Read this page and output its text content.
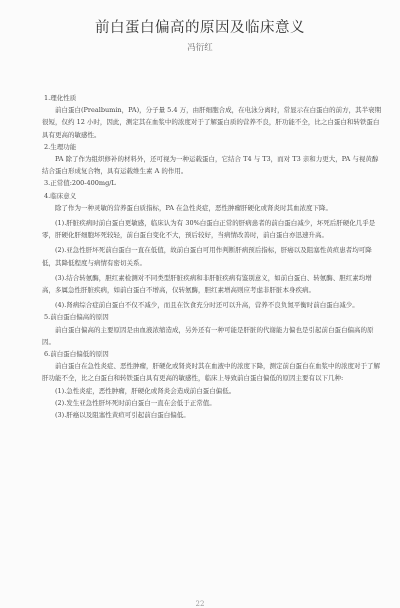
前白蛋白偏高的原因及临床意义
冯衍红

1.理化性质

前白蛋白(Prealbumin，PA)，分子量 5.4 万，由肝细胞合成，在电泳分离时，常显示在白蛋白的前方，其半衰期很短，仅约 12 小时，因此，测定其在血浆中的浓度对于了解蛋白质的营养不良，肝功能不全，比之白蛋白和转铁蛋白具有更高的敏感性。

2.生理功能

PA 除了作为组织修补的材料外，还可视为一种运载蛋白，它结合 T4 与 T3，而对 T3 亲和力更大，PA 与视黄醇结合蛋白形成复合物，具有运载维生素 A 的作用。

3.正常值:200-400mg/L

4.临床意义

除了作为一种灵敏的营养蛋白质指标，PA 在急性炎症，恶性肿瘤肝硬化或肾炎时其血浓度下降。

(1).肝脏疾病时前白蛋白更敏感，临床认为有 30%白蛋白正常的肝病患者的前白蛋白减少，坏死后肝硬化几乎是零，肝硬化肝细胞坏死较轻，前白蛋白变化不大，预后较好，当病情改善时，前白蛋白亦迅速升高。

(2).亚急性肝坏死前白蛋白一直在低值，故前白蛋白可用作判断肝病预后指标，肝癌以及阻塞性黄疸患者均可降低，其降低程度与病情有密切关系。

(3).结合转氨酶，胆红素检测对不同类型肝脏疾病和非肝脏疾病有鉴别意义，如前白蛋白、转氨酶、胆红素均增高，多属急性肝脏疾病，如前白蛋白不增高，仅转氨酶，胆红素增高则应考虑非肝脏本身疾病。

(4).肾病综合症前白蛋白不仅不减少，而且在饮食充分时还可以升高，营养不良负氮平衡时前白蛋白减少。

5.前白蛋白偏高的原因

前白蛋白偏高的主要原因是由血液浓缩造成，另外还有一种可能是肝脏的代谢能力偏也是引起前白蛋白偏高的原因。

6.前白蛋白偏低的原因

前白蛋白在急性炎症、恶性肿瘤，肝硬化或肾炎时其在血液中的浓度下降，测定前白蛋白在血浆中的浓度对于了解肝功能不全，比之白蛋白和转铁蛋白具有更高的敏感性，临床上导致前白蛋白偏低的原因主要有以下几种:

(1).急性炎症，恶性肿瘤，肝硬化或肾炎会造成前白蛋白偏低。

(2).发生亚急性肝坏死时前白蛋白一直在会低于正常值。

(3).肝癌以及阻塞性黄疸可引起前白蛋白偏低。

22
